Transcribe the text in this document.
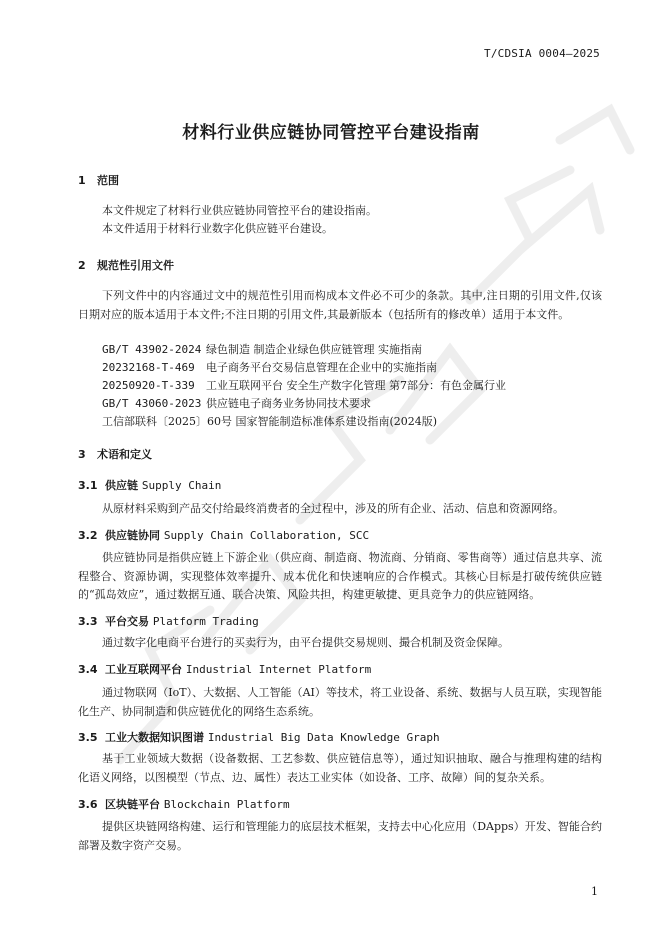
T/CDSIA 0004—2025
材料行业供应链协同管控平台建设指南
1 范围
本文件规定了材料行业供应链协同管控平台的建设指南。
本文件适用于材料行业数字化供应链平台建设。
2 规范性引用文件
下列文件中的内容通过文中的规范性引用而构成本文件必不可少的条款。其中,注日期的引用文件,仅该日期对应的版本适用于本文件;不注日期的引用文件,其最新版本（包括所有的修改单）适用于本文件。
GB/T 43902-2024 绿色制造 制造企业绿色供应链管理 实施指南
20232168-T-469 电子商务平台交易信息管理在企业中的实施指南
20250920-T-339 工业互联网平台 安全生产数字化管理 第7部分：有色金属行业
GB/T 43060-2023 供应链电子商务业务协同技术要求
工信部联科〔2025〕60号 国家智能制造标准体系建设指南(2024版)
3 术语和定义
3.1 供应链 Supply Chain
从原材料采购到产品交付给最终消费者的全过程中，涉及的所有企业、活动、信息和资源网络。
3.2 供应链协同 Supply Chain Collaboration, SCC
供应链协同是指供应链上下游企业（供应商、制造商、物流商、分销商、零售商等）通过信息共享、流程整合、资源协调，实现整体效率提升、成本优化和快速响应的合作模式。其核心目标是打破传统供应链的“孤岛效应”，通过数据互通、联合决策、风险共担，构建更敏捷、更具竞争力的供应链网络。
3.3 平台交易 Platform Trading
通过数字化电商平台进行的买卖行为，由平台提供交易规则、撮合机制及资金保障。
3.4 工业互联网平台 Industrial Internet Platform
通过物联网（IoT）、大数据、人工智能（AI）等技术，将工业设备、系统、数据与人员互联，实现智能化生产、协同制造和供应链优化的网络生态系统。
3.5 工业大数据知识图谱 Industrial Big Data Knowledge Graph
基于工业领域大数据（设备数据、工艺参数、供应链信息等），通过知识抽取、融合与推理构建的结构化语义网络，以图模型（节点、边、属性）表达工业实体（如设备、工序、故障）间的复杂关系。
3.6 区块链平台 Blockchain Platform
提供区块链网络构建、运行和管理能力的底层技术框架，支持去中心化应用（DApps）开发、智能合约部署及数字资产交易。
1
